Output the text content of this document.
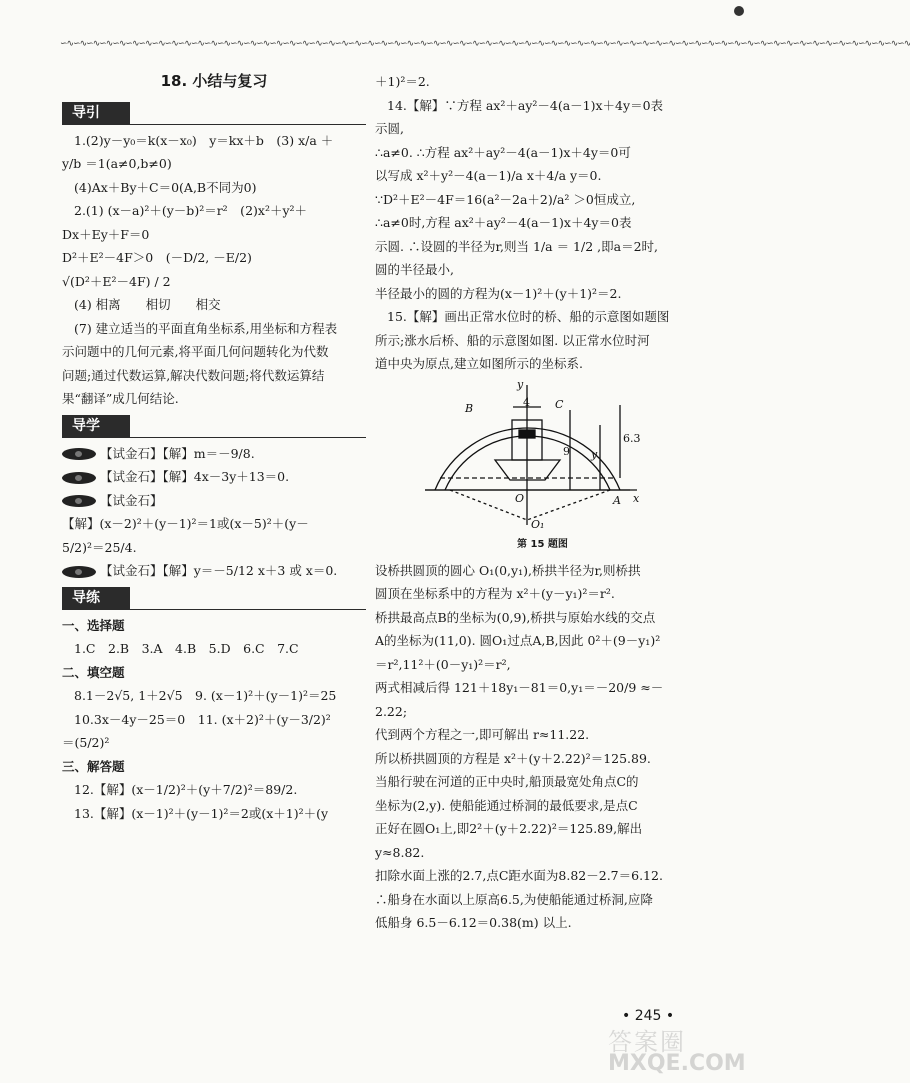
∽∿∽∿∽∿∽∿∽∿∽∿∽∿∽∿∽∿∽∿∽∿∽∿∽∿∽∿∽∿∽∿∽∿∽∿∽∿∽∿∽∿∽∿∽∿∽∿∽∿∽∿∽∿∽∿∽∿∽∿∽∿∽∿∽∿∽∿∽∿∽∿∽∿∽∿∽∿∽∿∽∿∽∿∽∿∽∿∽∿∽∿∽∿∽∿∽∿∽∿∽∿∽∿∽∿∽∿∽∿∽∿∽∿∽∿∽∿∽∿∽∿∽∿∽∿∽∿∽∿
18. 小结与复习
导引

1.(2)y－y₀＝k(x－x₀)　y＝kx＋b　(3) x/a ＋

y/b ＝1(a≠0,b≠0)

(4)Ax＋By＋C＝0(A,B不同为0)

2.(1) (x－a)²＋(y－b)²＝r²　(2)x²＋y²＋

Dx＋Ey＋F＝0

D²＋E²－4F＞0　(－D/2, －E/2)

√(D²＋E²－4F) / 2

(4) 相离　　相切　　相交

(7) 建立适当的平面直角坐标系,用坐标和方程表

示问题中的几何元素,将平面几何问题转化为代数

问题;通过代数运算,解决代数问题;将代数运算结

果“翻译”成几何结论.

导学

【试金石】【解】m＝－9/8.

【试金石】【解】4x－3y＋13＝0.

【试金石】

【解】(x－2)²＋(y－1)²＝1或(x－5)²＋(y－

5/2)²＝25/4.

【试金石】【解】y＝－5/12 x＋3 或 x＝0.

导练

一、选择题

1.C　2.B　3.A　4.B　5.D　6.C　7.C

二、填空题

8.1－2√5, 1＋2√5　9. (x－1)²＋(y－1)²＝25

10.3x－4y－25＝0　11. (x＋2)²＋(y－3/2)²

＝(5/2)²

三、解答题

12.【解】(x－1/2)²＋(y＋7/2)²＝89/2.

13.【解】(x－1)²＋(y－1)²＝2或(x＋1)²＋(y

＋1)²＝2.

14.【解】∵方程 ax²＋ay²－4(a－1)x＋4y＝0表

示圆,

∴a≠0. ∴方程 ax²＋ay²－4(a－1)x＋4y＝0可

以写成 x²＋y²－4(a－1)/a x＋4/a y＝0.

∵D²＋E²－4F＝16(a²－2a＋2)/a² ＞0恒成立,

∴a≠0时,方程 ax²＋ay²－4(a－1)x＋4y＝0表

示圆. ∴设圆的半径为r,则当 1/a ＝ 1/2 ,即a＝2时,

圆的半径最小,

半径最小的圆的方程为(x－1)²＋(y＋1)²＝2.

15.【解】画出正常水位时的桥、船的示意图如题图

所示;涨水后桥、船的示意图如图. 以正常水位时河

道中央为原点,建立如图所示的坐标系.

y
B	C
4
9 y
6.3
O	A x
O₁
第 15 题图

设桥拱圆顶的圆心 O₁(0,y₁),桥拱半径为r,则桥拱

圆顶在坐标系中的方程为 x²＋(y－y₁)²＝r².

桥拱最高点B的坐标为(0,9),桥拱与原始水线的交点

A的坐标为(11,0). 圆O₁过点A,B,因此 0²＋(9－y₁)²

＝r²,11²＋(0－y₁)²＝r²,

两式相减后得 121＋18y₁－81＝0,y₁＝－20/9 ≈－2.22;

代到两个方程之一,即可解出 r≈11.22.

所以桥拱圆顶的方程是 x²＋(y＋2.22)²＝125.89.

当船行驶在河道的正中央时,船顶最宽处角点C的

坐标为(2,y). 使船能通过桥洞的最低要求,是点C

正好在圆O₁上,即2²＋(y＋2.22)²＝125.89,解出

y≈8.82.

扣除水面上涨的2.7,点C距水面为8.82－2.7＝6.12.

∴船身在水面以上原高6.5,为使船能通过桥洞,应降

低船身 6.5－6.12＝0.38(m) 以上.

• 245 •
答案圈
MXQE.COM
